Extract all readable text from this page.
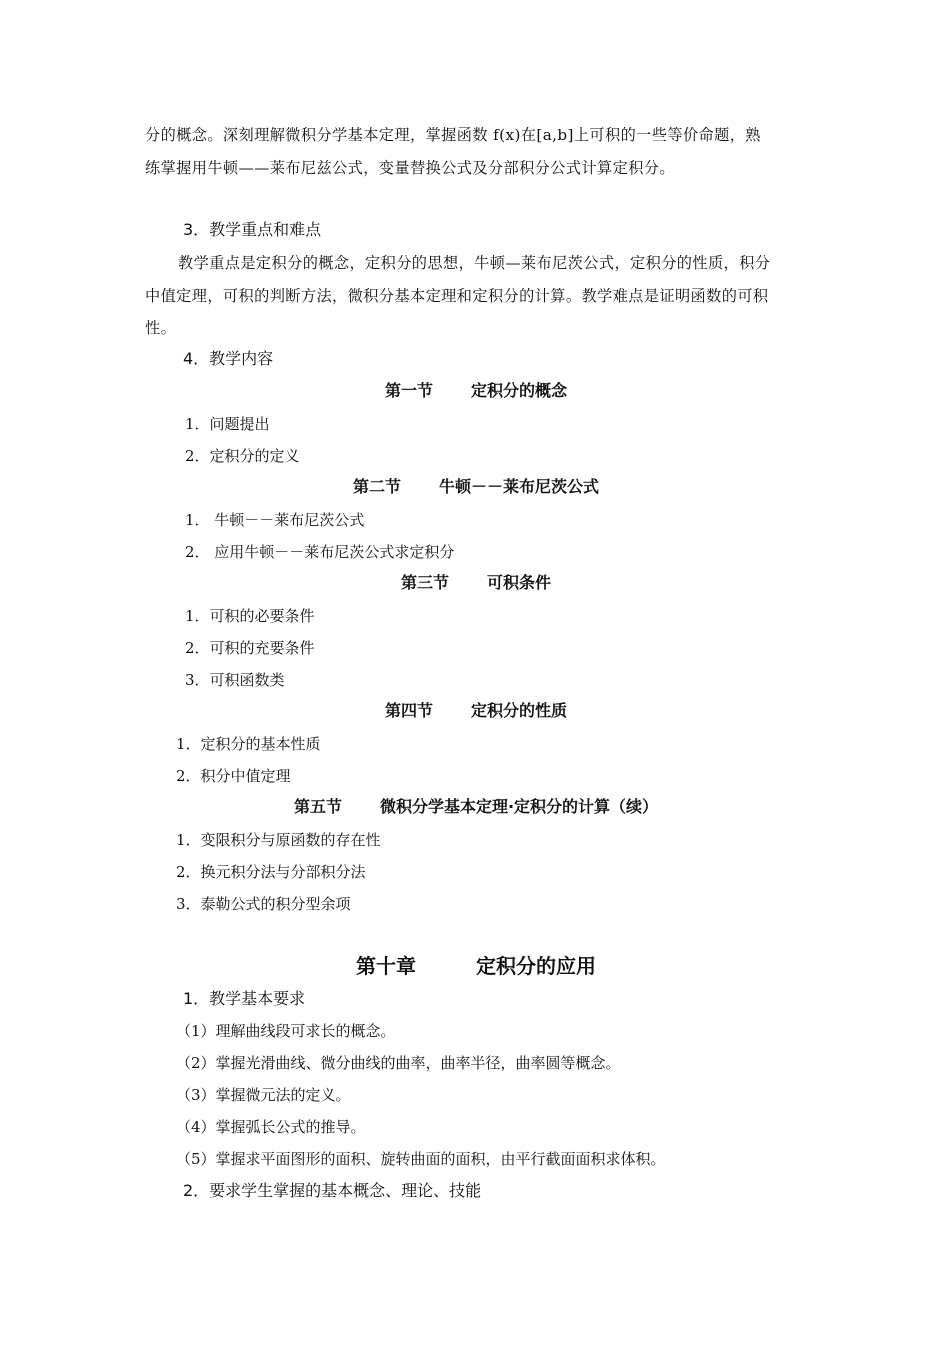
分的概念。深刻理解微积分学基本定理，掌握函数 f(x)在[a,b]上可积的一些等价命题，熟
练掌握用牛顿——莱布尼兹公式，变量替换公式及分部积分公式计算定积分。
3．教学重点和难点
教学重点是定积分的概念，定积分的思想，牛顿—莱布尼茨公式，定积分的性质，积分
中值定理，可积的判断方法，微积分基本定理和定积分的计算。教学难点是证明函数的可积
性。
4．教学内容
第一节 定积分的概念
1．问题提出
2．定积分的定义
第二节 牛顿－－莱布尼茨公式
1． 牛顿－－莱布尼茨公式
2． 应用牛顿－－莱布尼茨公式求定积分
第三节 可积条件
1．可积的必要条件
2．可积的充要条件
3．可积函数类
第四节 定积分的性质
1．定积分的基本性质
2．积分中值定理
第五节 微积分学基本定理·定积分的计算（续）
1．变限积分与原函数的存在性
2．换元积分法与分部积分法
3．泰勒公式的积分型余项
第十章	定积分的应用
1．教学基本要求
（1）理解曲线段可求长的概念。
（2）掌握光滑曲线、微分曲线的曲率，曲率半径，曲率圆等概念。
（3）掌握微元法的定义。
（4）掌握弧长公式的推导。
（5）掌握求平面图形的面积、旋转曲面的面积，由平行截面面积求体积。
2．要求学生掌握的基本概念、理论、技能
